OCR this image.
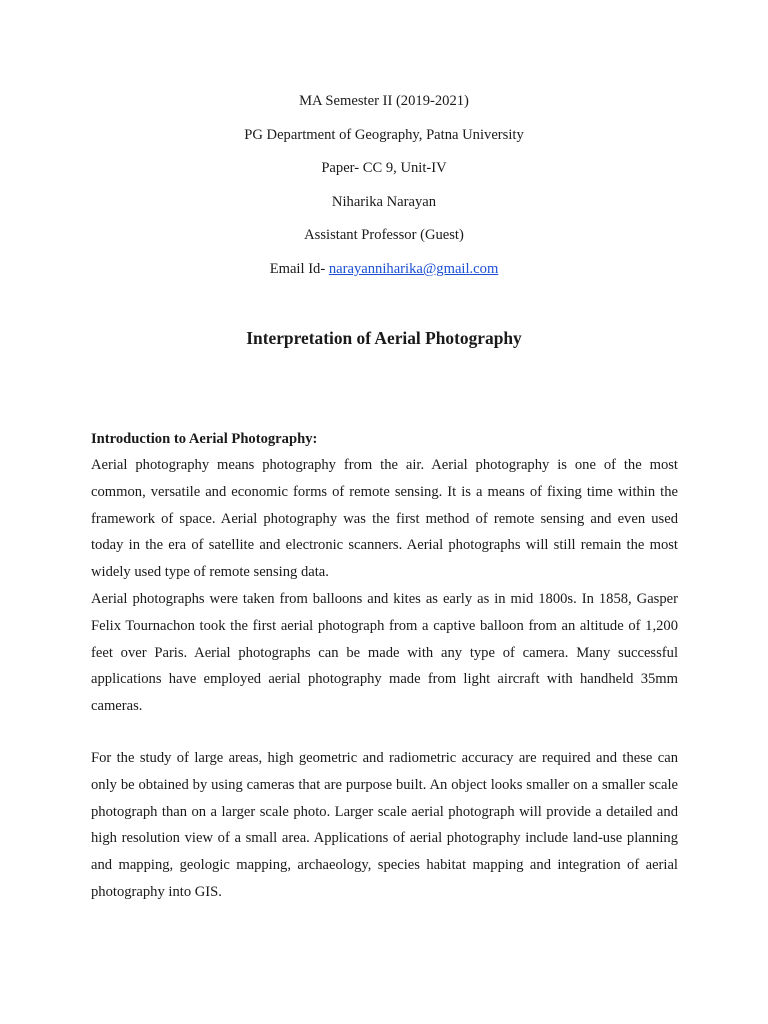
MA Semester II (2019-2021)
PG Department of Geography, Patna University
Paper- CC 9, Unit-IV
Niharika Narayan
Assistant Professor (Guest)
Email Id- narayanniharika@gmail.com
Interpretation of Aerial Photography
Introduction to Aerial Photography:

Aerial photography means photography from the air. Aerial photography is one of the most common, versatile and economic forms of remote sensing. It is a means of fixing time within the framework of space. Aerial photography was the first method of remote sensing and even used today in the era of satellite and electronic scanners. Aerial photographs will still remain the most widely used type of remote sensing data.

Aerial photographs were taken from balloons and kites as early as in mid 1800s. In 1858, Gasper Felix Tournachon took the first aerial photograph from a captive balloon from an altitude of 1,200 feet over Paris. Aerial photographs can be made with any type of camera. Many successful applications have employed aerial photography made from light aircraft with handheld 35mm cameras.

For the study of large areas, high geometric and radiometric accuracy are required and these can only be obtained by using cameras that are purpose built. An object looks smaller on a smaller scale photograph than on a larger scale photo. Larger scale aerial photograph will provide a detailed and high resolution view of a small area. Applications of aerial photography include land-use planning and mapping, geologic mapping, archaeology, species habitat mapping and integration of aerial photography into GIS.
